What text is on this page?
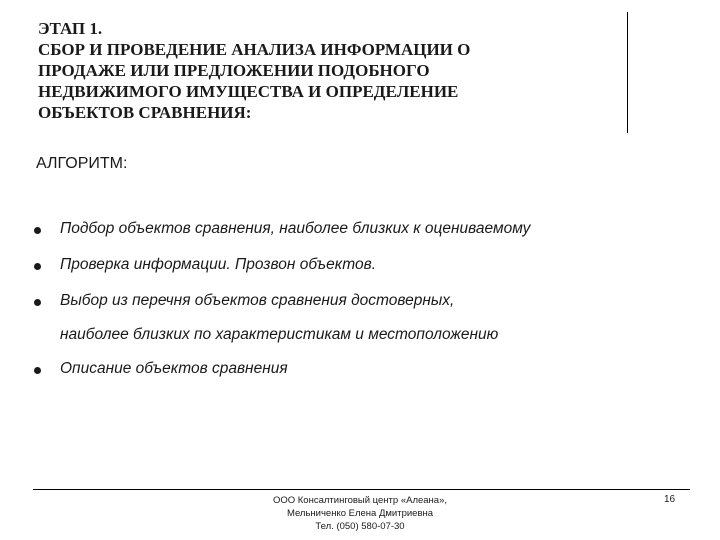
ЭТАП 1.
СБОР И ПРОВЕДЕНИЕ АНАЛИЗА ИНФОРМАЦИИ О
ПРОДАЖЕ ИЛИ ПРЕДЛОЖЕНИИ ПОДОБНОГО
НЕДВИЖИМОГО ИМУЩЕСТВА И ОПРЕДЕЛЕНИЕ
ОБЪЕКТОВ СРАВНЕНИЯ:
АЛГОРИТМ:
Подбор объектов сравнения, наиболее близких к оцениваемому
Проверка информации. Прозвон объектов.
Выбор из перечня объектов сравнения достоверных,
наиболее близких по характеристикам и местоположению
Описание объектов сравнения
ООО Консалтинговый центр «Алеана»,
Мельниченко Елена Дмитриевна
Тел. (050) 580-07-30
16
